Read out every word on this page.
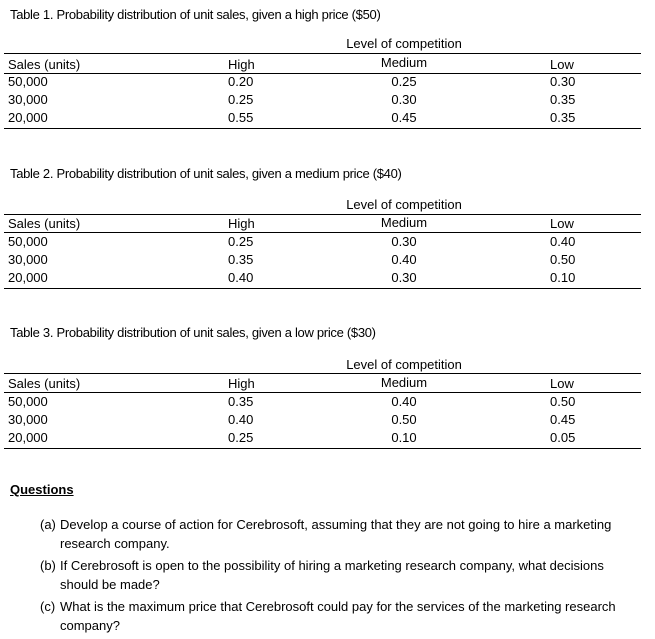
Table 1. Probability distribution of unit sales, given a high price ($50)
Level of competition
Sales (units)	High	Medium	Low
50,000	0.20	0.25	0.30
30,000	0.25	0.30	0.35
20,000	0.55	0.45	0.35
Table 2. Probability distribution of unit sales, given a medium price ($40)
Level of competition
Sales (units)	High	Medium	Low
50,000	0.25	0.30	0.40
30,000	0.35	0.40	0.50
20,000	0.40	0.30	0.10
Table 3. Probability distribution of unit sales, given a low price ($30)
Level of competition
Sales (units)	High	Medium	Low
50,000	0.35	0.40	0.50
30,000	0.40	0.50	0.45
20,000	0.25	0.10	0.05
Questions
(a) Develop a course of action for Cerebrosoft, assuming that they are not going to hire a marketing research company.
(b) If Cerebrosoft is open to the possibility of hiring a marketing research company, what decisions should be made?
(c) What is the maximum price that Cerebrosoft could pay for the services of the marketing research company?
